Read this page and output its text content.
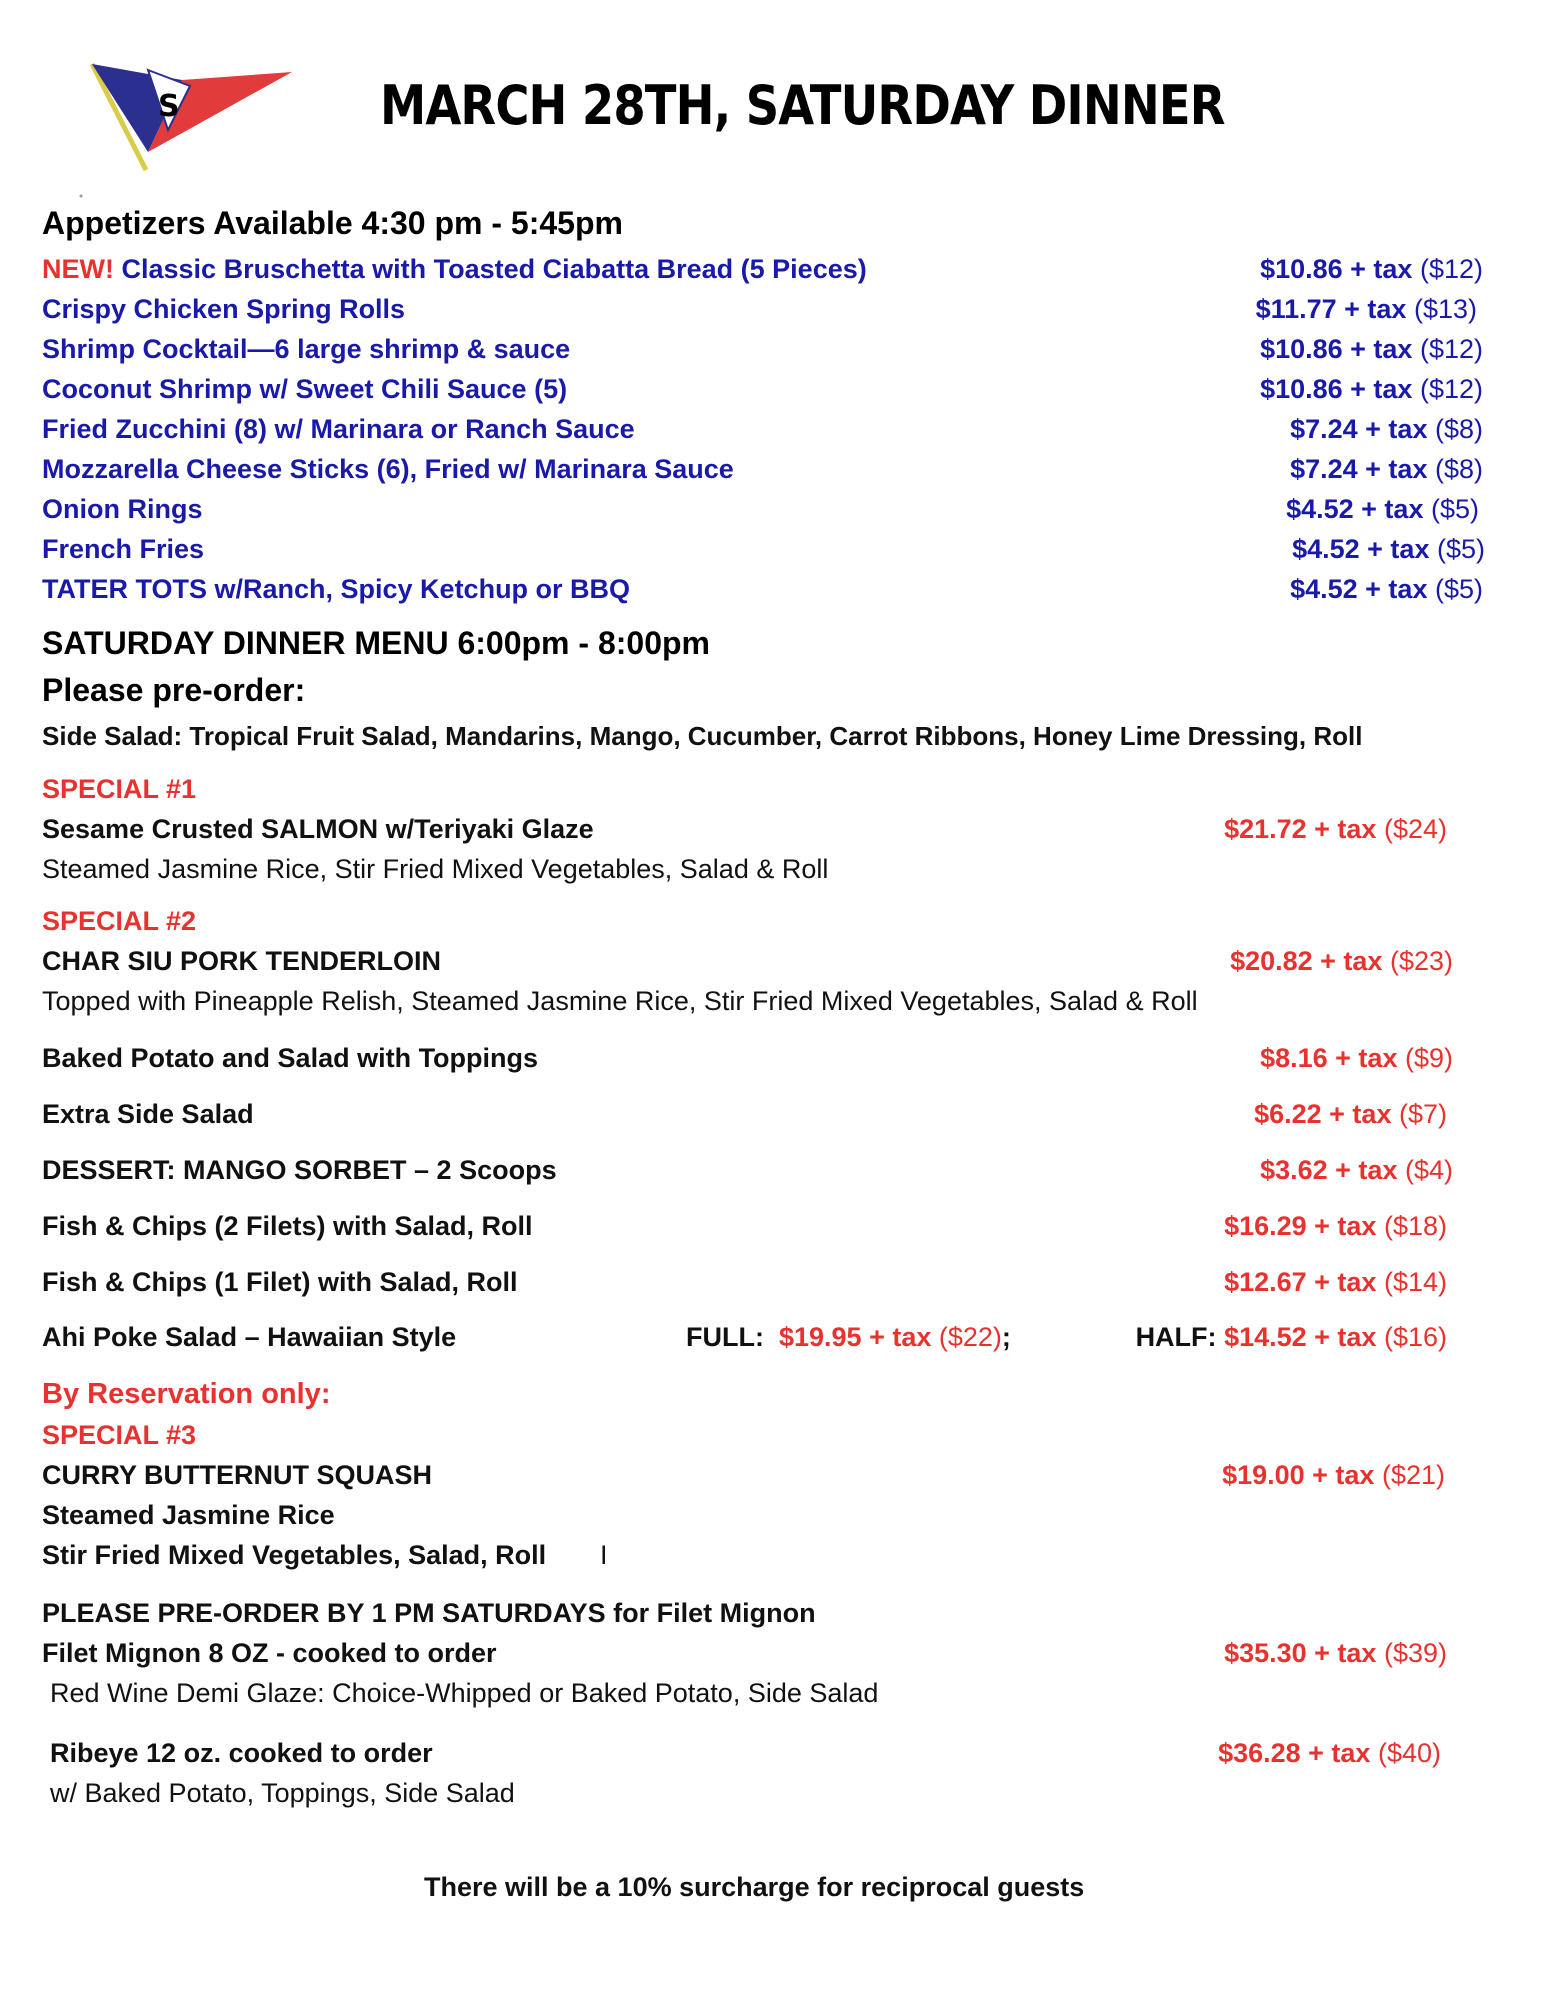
S	MARCH 28TH, SATURDAY DINNER
Appetizers Available 4:30 pm - 5:45pm
NEW! Classic Bruschetta with Toasted Ciabatta Bread (5 Pieces)	$10.86 + tax ($12)
Crispy Chicken Spring Rolls	$11.77 + tax ($13)
Shrimp Cocktail—6 large shrimp & sauce	$10.86 + tax ($12)
Coconut Shrimp w/ Sweet Chili Sauce (5)	$10.86 + tax ($12)
Fried Zucchini (8) w/ Marinara or Ranch Sauce	$7.24 + tax ($8)
Mozzarella Cheese Sticks (6), Fried w/ Marinara Sauce	$7.24 + tax ($8)
Onion Rings	$4.52 + tax ($5)
French Fries	$4.52 + tax ($5)
TATER TOTS w/Ranch, Spicy Ketchup or BBQ	$4.52 + tax ($5)
SATURDAY DINNER MENU 6:00pm - 8:00pm
Please pre-order:
Side Salad: Tropical Fruit Salad, Mandarins, Mango, Cucumber, Carrot Ribbons, Honey Lime Dressing, Roll
SPECIAL #1
Sesame Crusted SALMON w/Teriyaki Glaze	$21.72 + tax ($24)
Steamed Jasmine Rice, Stir Fried Mixed Vegetables, Salad & Roll
SPECIAL #2
CHAR SIU PORK TENDERLOIN	$20.82 + tax ($23)
Topped with Pineapple Relish, Steamed Jasmine Rice, Stir Fried Mixed Vegetables, Salad & Roll
Baked Potato and Salad with Toppings	$8.16 + tax ($9)
Extra Side Salad	$6.22 + tax ($7)
DESSERT: MANGO SORBET – 2 Scoops	$3.62 + tax ($4)
Fish & Chips (2 Filets) with Salad, Roll	$16.29 + tax ($18)
Fish & Chips (1 Filet) with Salad, Roll	$12.67 + tax ($14)
Ahi Poke Salad – Hawaiian Style	FULL: $19.95 + tax ($22);	HALF: $14.52 + tax ($16)
By Reservation only:
SPECIAL #3
CURRY BUTTERNUT SQUASH	$19.00 + tax ($21)
Steamed Jasmine Rice
Stir Fried Mixed Vegetables, Salad, Roll I
PLEASE PRE-ORDER BY 1 PM SATURDAYS for Filet Mignon
Filet Mignon 8 OZ - cooked to order	$35.30 + tax ($39)
Red Wine Demi Glaze: Choice-Whipped or Baked Potato, Side Salad
Ribeye 12 oz. cooked to order	$36.28 + tax ($40)
w/ Baked Potato, Toppings, Side Salad
There will be a 10% surcharge for reciprocal guests
